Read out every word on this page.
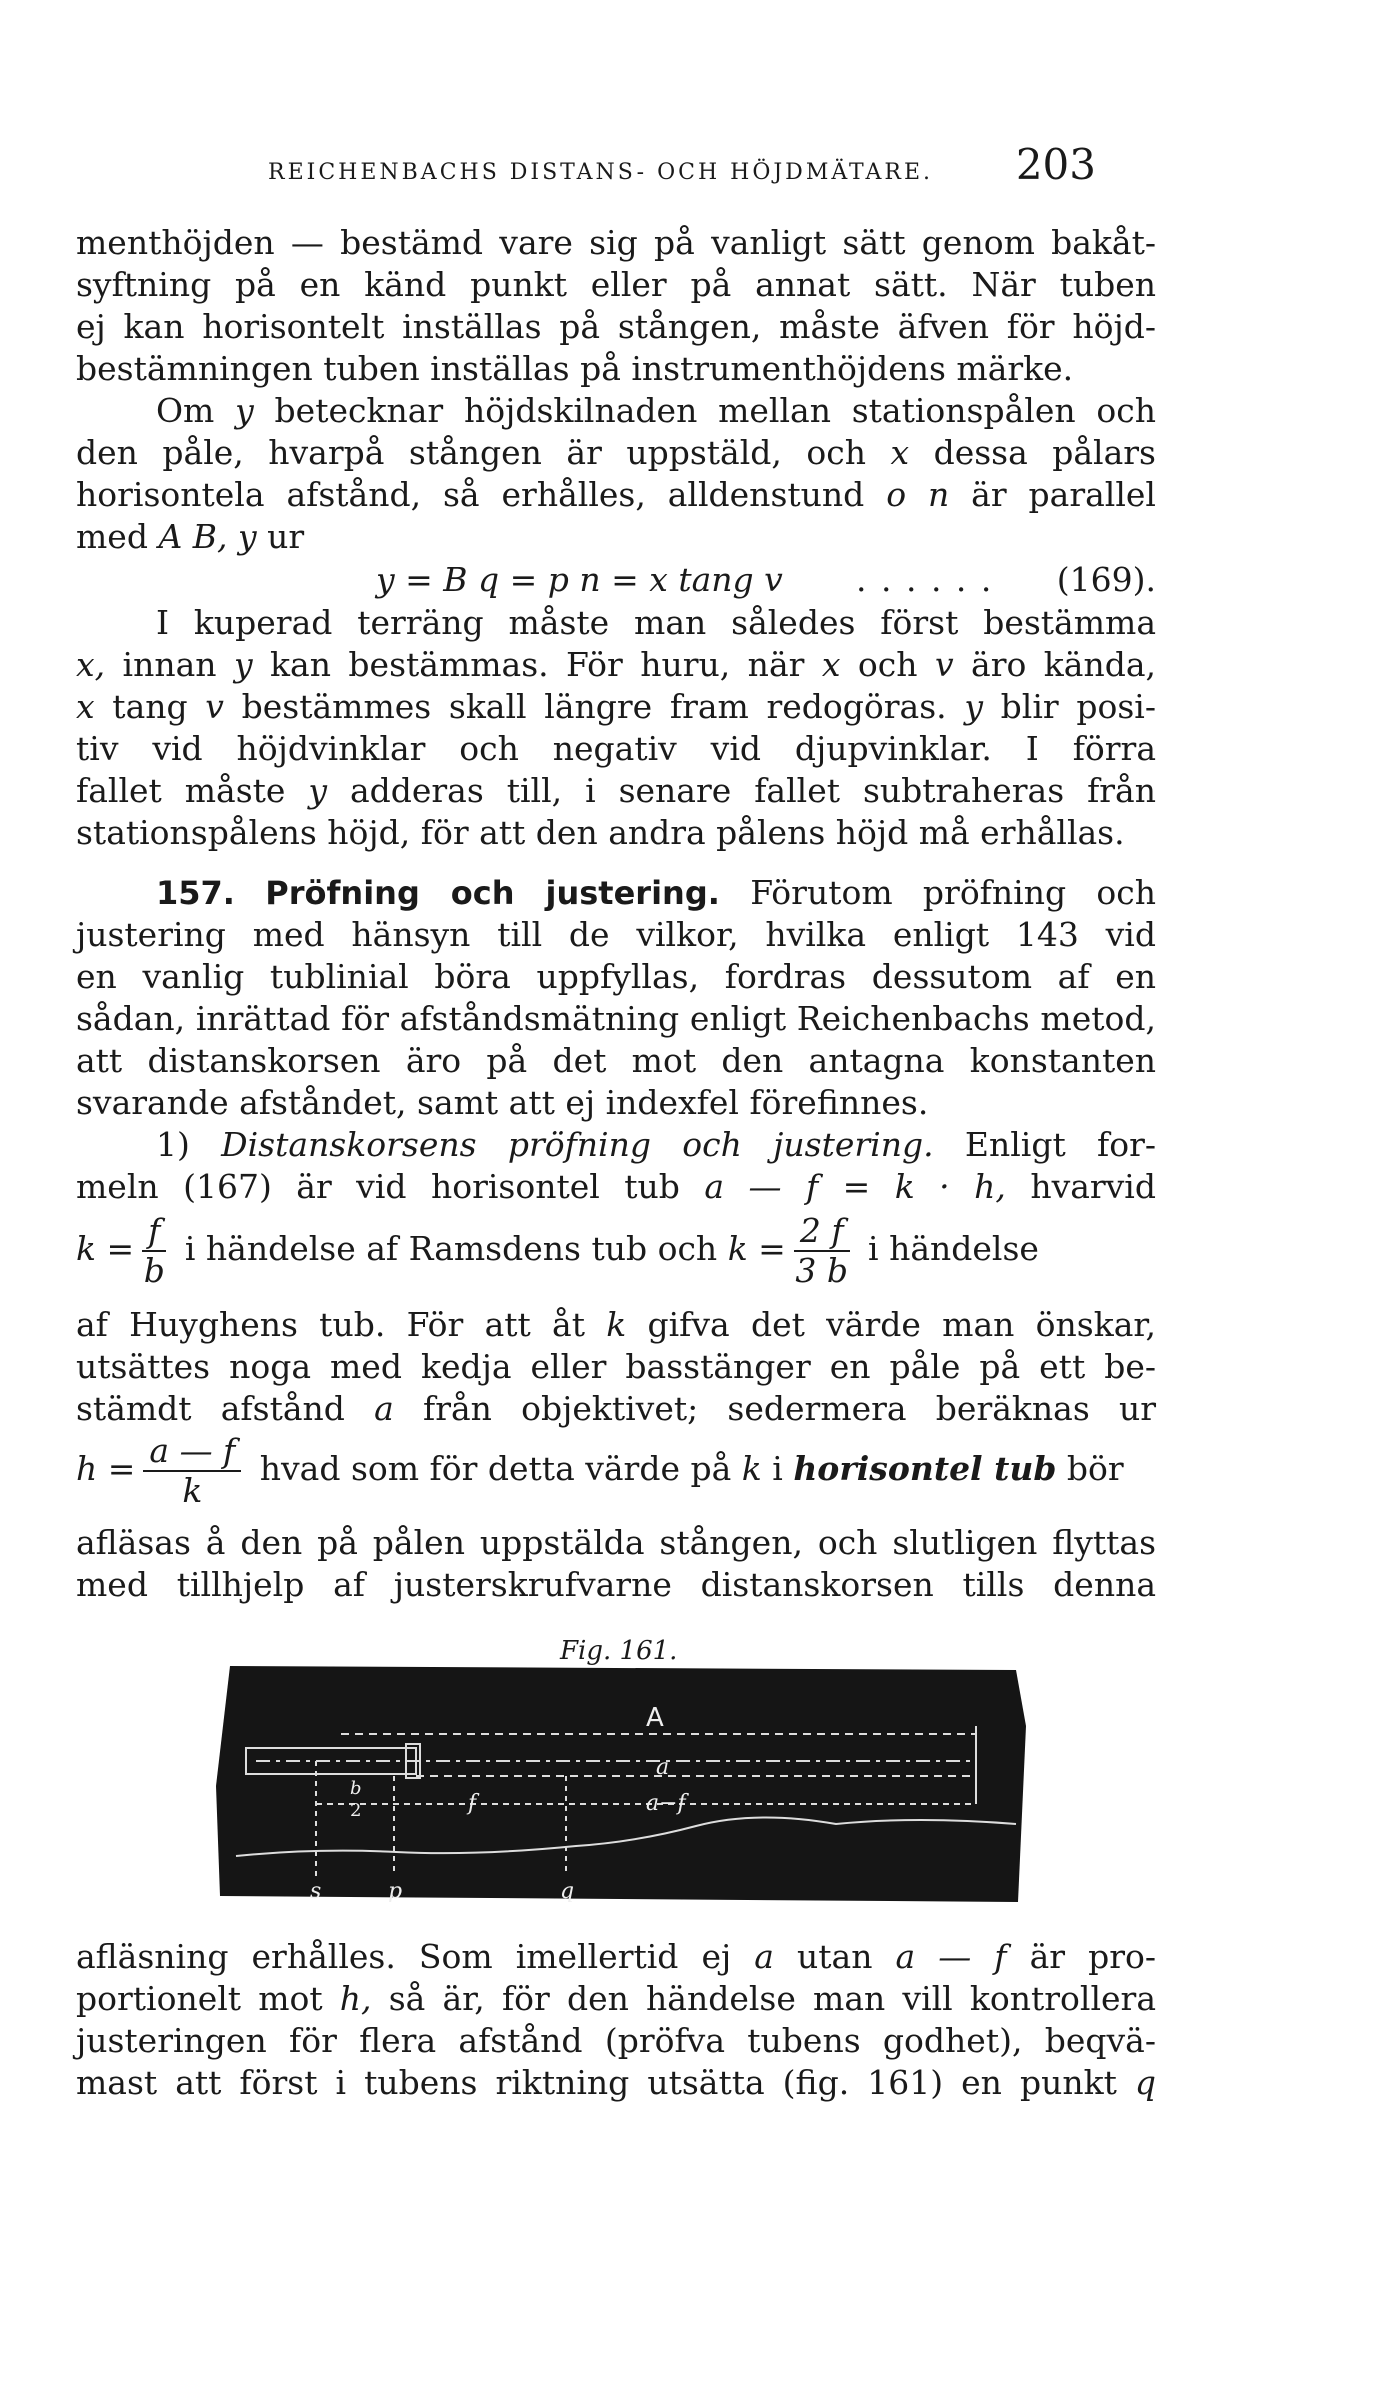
REICHENBACHS DISTANS- OCH HÖJDMÄTARE. 203
menthöjden — bestämd vare sig på vanligt sätt genom bakåt-
syftning på en känd punkt eller på annat sätt. När tuben
ej kan horisontelt inställas på stången, måste äfven för höjd-
bestämningen tuben inställas på instrumenthöjdens märke.
Om y betecknar höjdskilnaden mellan stationspålen och
den påle, hvarpå stången är uppstäld, och x dessa pålars
horisontela afstånd, så erhålles, alldenstund o n är parallel
med A B, y ur
y = B q = p n = x tang v . . . . . . (169).
I kuperad terräng måste man således först bestämma
x, innan y kan bestämmas. För huru, när x och v äro kända,
x tang v bestämmes skall längre fram redogöras. y blir posi-
tiv vid höjdvinklar och negativ vid djupvinklar. I förra
fallet måste y adderas till, i senare fallet subtraheras från
stationspålens höjd, för att den andra pålens höjd må erhållas.
157. Pröfning och justering. Förutom pröfning och
justering med hänsyn till de vilkor, hvilka enligt 143 vid
en vanlig tublinial böra uppfyllas, fordras dessutom af en
sådan, inrättad för afståndsmätning enligt Reichenbachs metod,
att distanskorsen äro på det mot den antagna konstanten
svarande afståndet, samt att ej indexfel förefinnes.
1) Distanskorsens pröfning och justering. Enligt for-
meln (167) är vid horisontel tub a — f = k · h, hvarvid
$k = \frac{f}{b}$ i händelse af Ramsdens tub och $k = \frac{2 f}{3 b}$ i händelse
af Huyghens tub. För att åt k gifva det värde man önskar,
utsättes noga med kedja eller basstänger en påle på ett be-
stämdt afstånd a från objektivet; sedermera beräknas ur
$h = \frac{a — f}{k}$ hvad som för detta värde på k i horisontel tub bör
afläsas å den på pålen uppstälda stången, och slutligen flyttas
med tillhjelp af justerskrufvarne distanskorsen tills denna
Fig. 161.
A
a
b
2	f	a−f
s	p	q
afläsning erhålles. Som imellertid ej a utan a — f är pro-
portionelt mot h, så är, för den händelse man vill kontrollera
justeringen för flera afstånd (pröfva tubens godhet), beqvä-
mast att först i tubens riktning utsätta (fig. 161) en punkt q
